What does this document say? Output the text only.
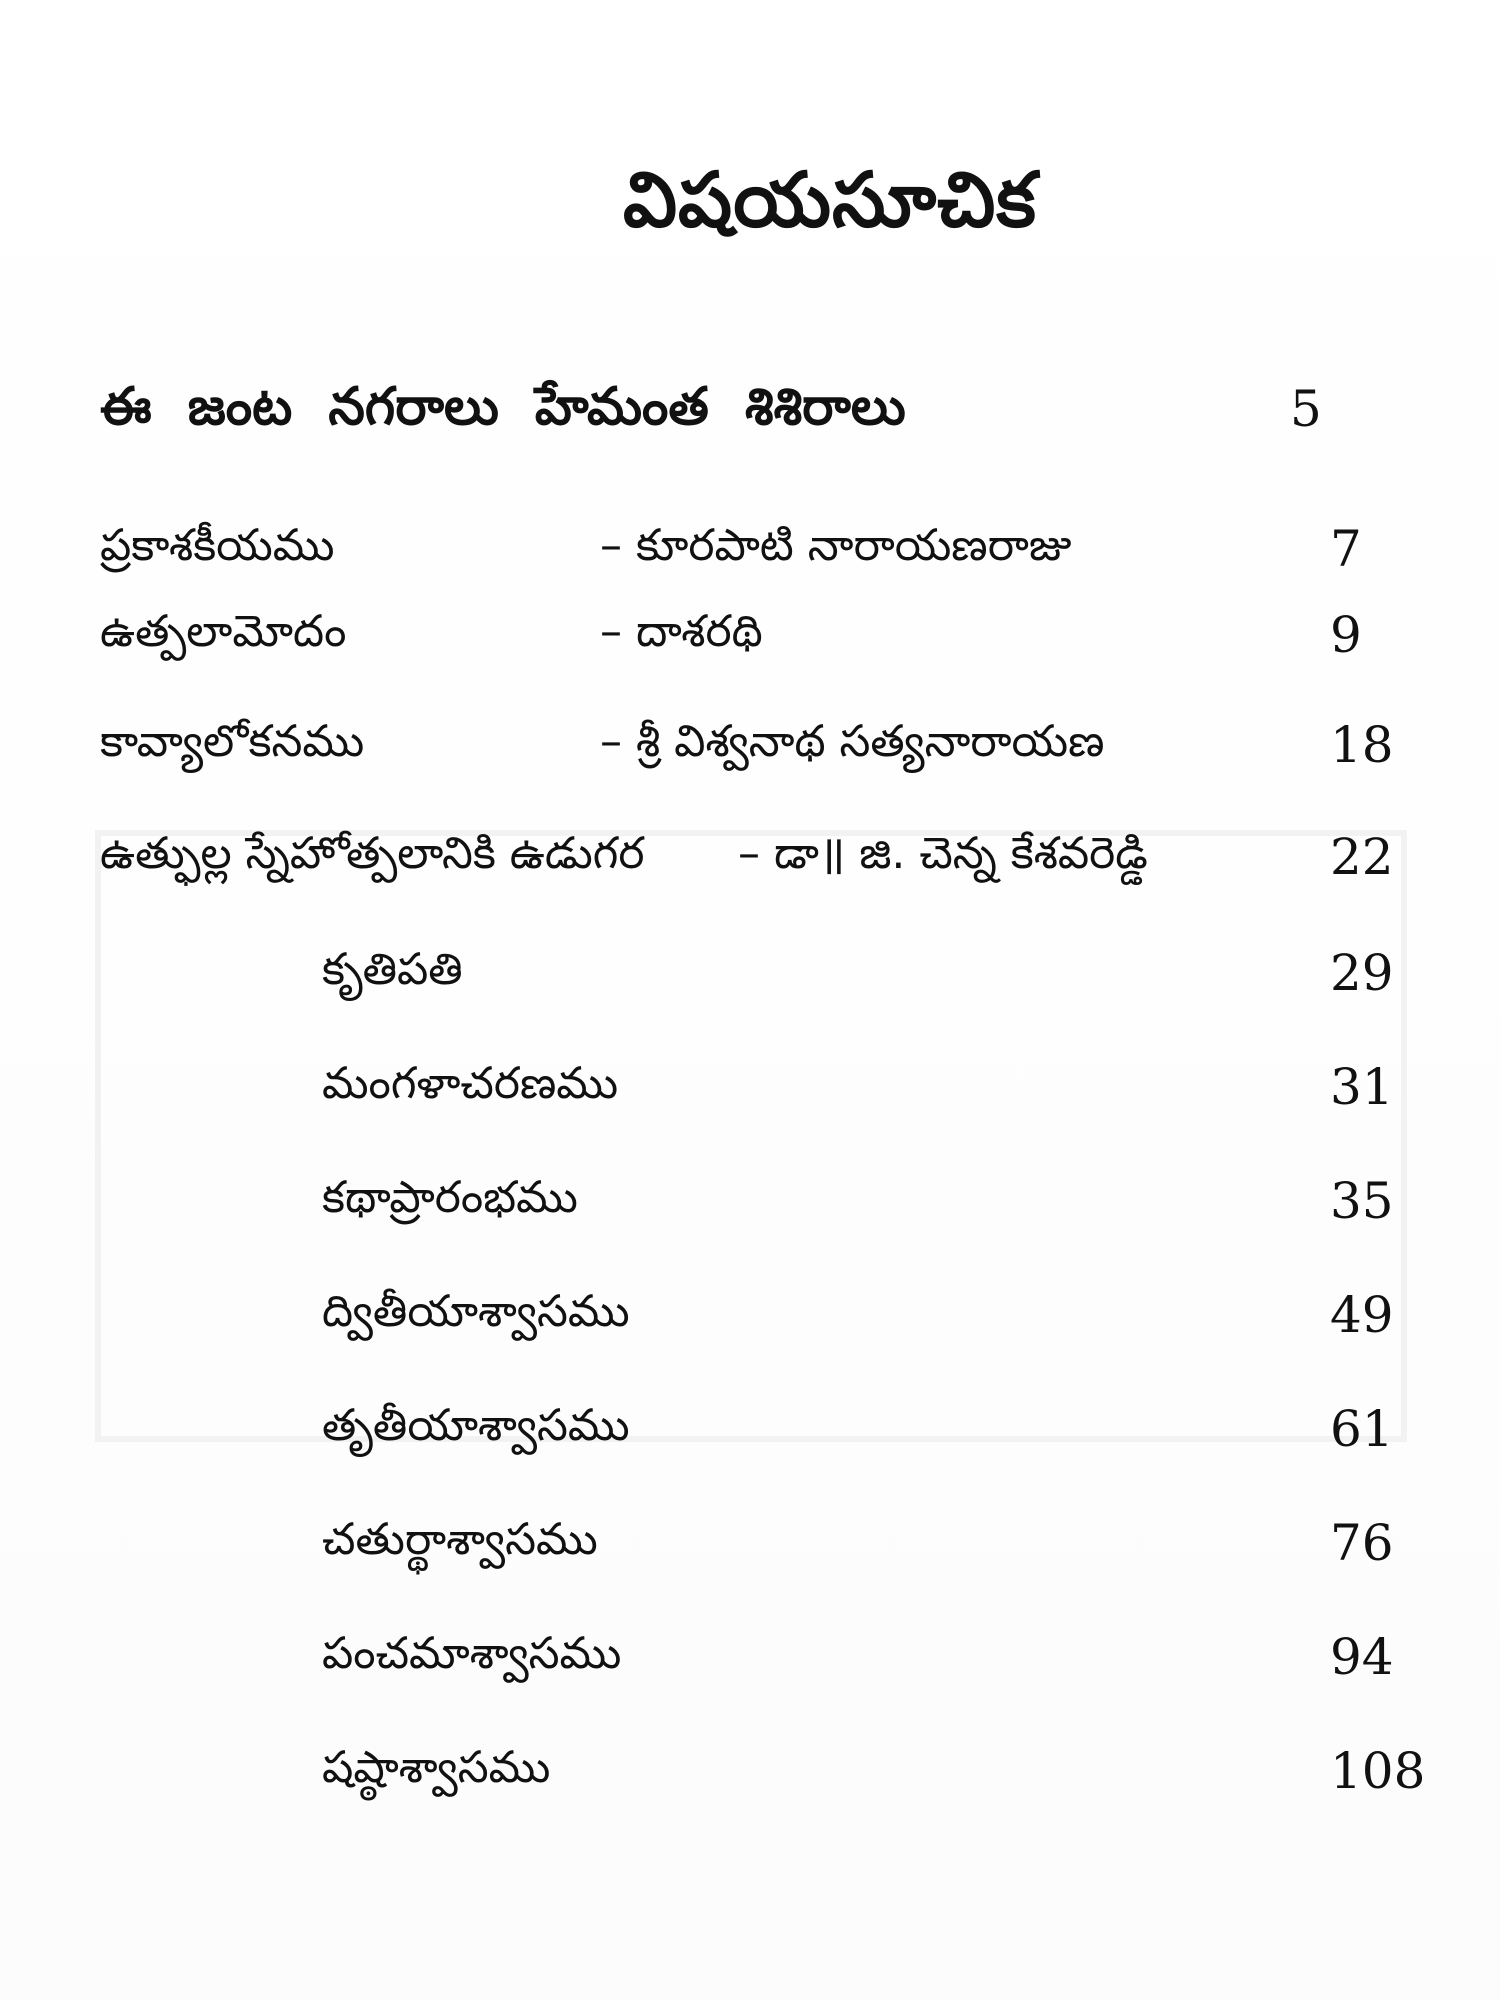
విషయసూచిక
ఈ జంట నగరాలు హేమంత శిశిరాలు	5
ప్రకాశకీయము	– కూరపాటి నారాయణరాజు	7
ఉత్పలామోదం	– దాశరథి	9
కావ్యాలోకనము	– శ్రీ విశ్వనాథ సత్యనారాయణ	18
ఉత్ఫుల్ల స్నేహోత్పలానికి ఉడుగర – డా॥ జి. చెన్న కేశవరెడ్డి	22
కృతిపతి	29
మంగళాచరణము	31
కథాప్రారంభము	35
ద్వితీయాశ్వాసము	49
తృతీయాశ్వాసము	61
చతుర్థాశ్వాసము	76
పంచమాశ్వాసము	94
షష్ఠాశ్వాసము	108
